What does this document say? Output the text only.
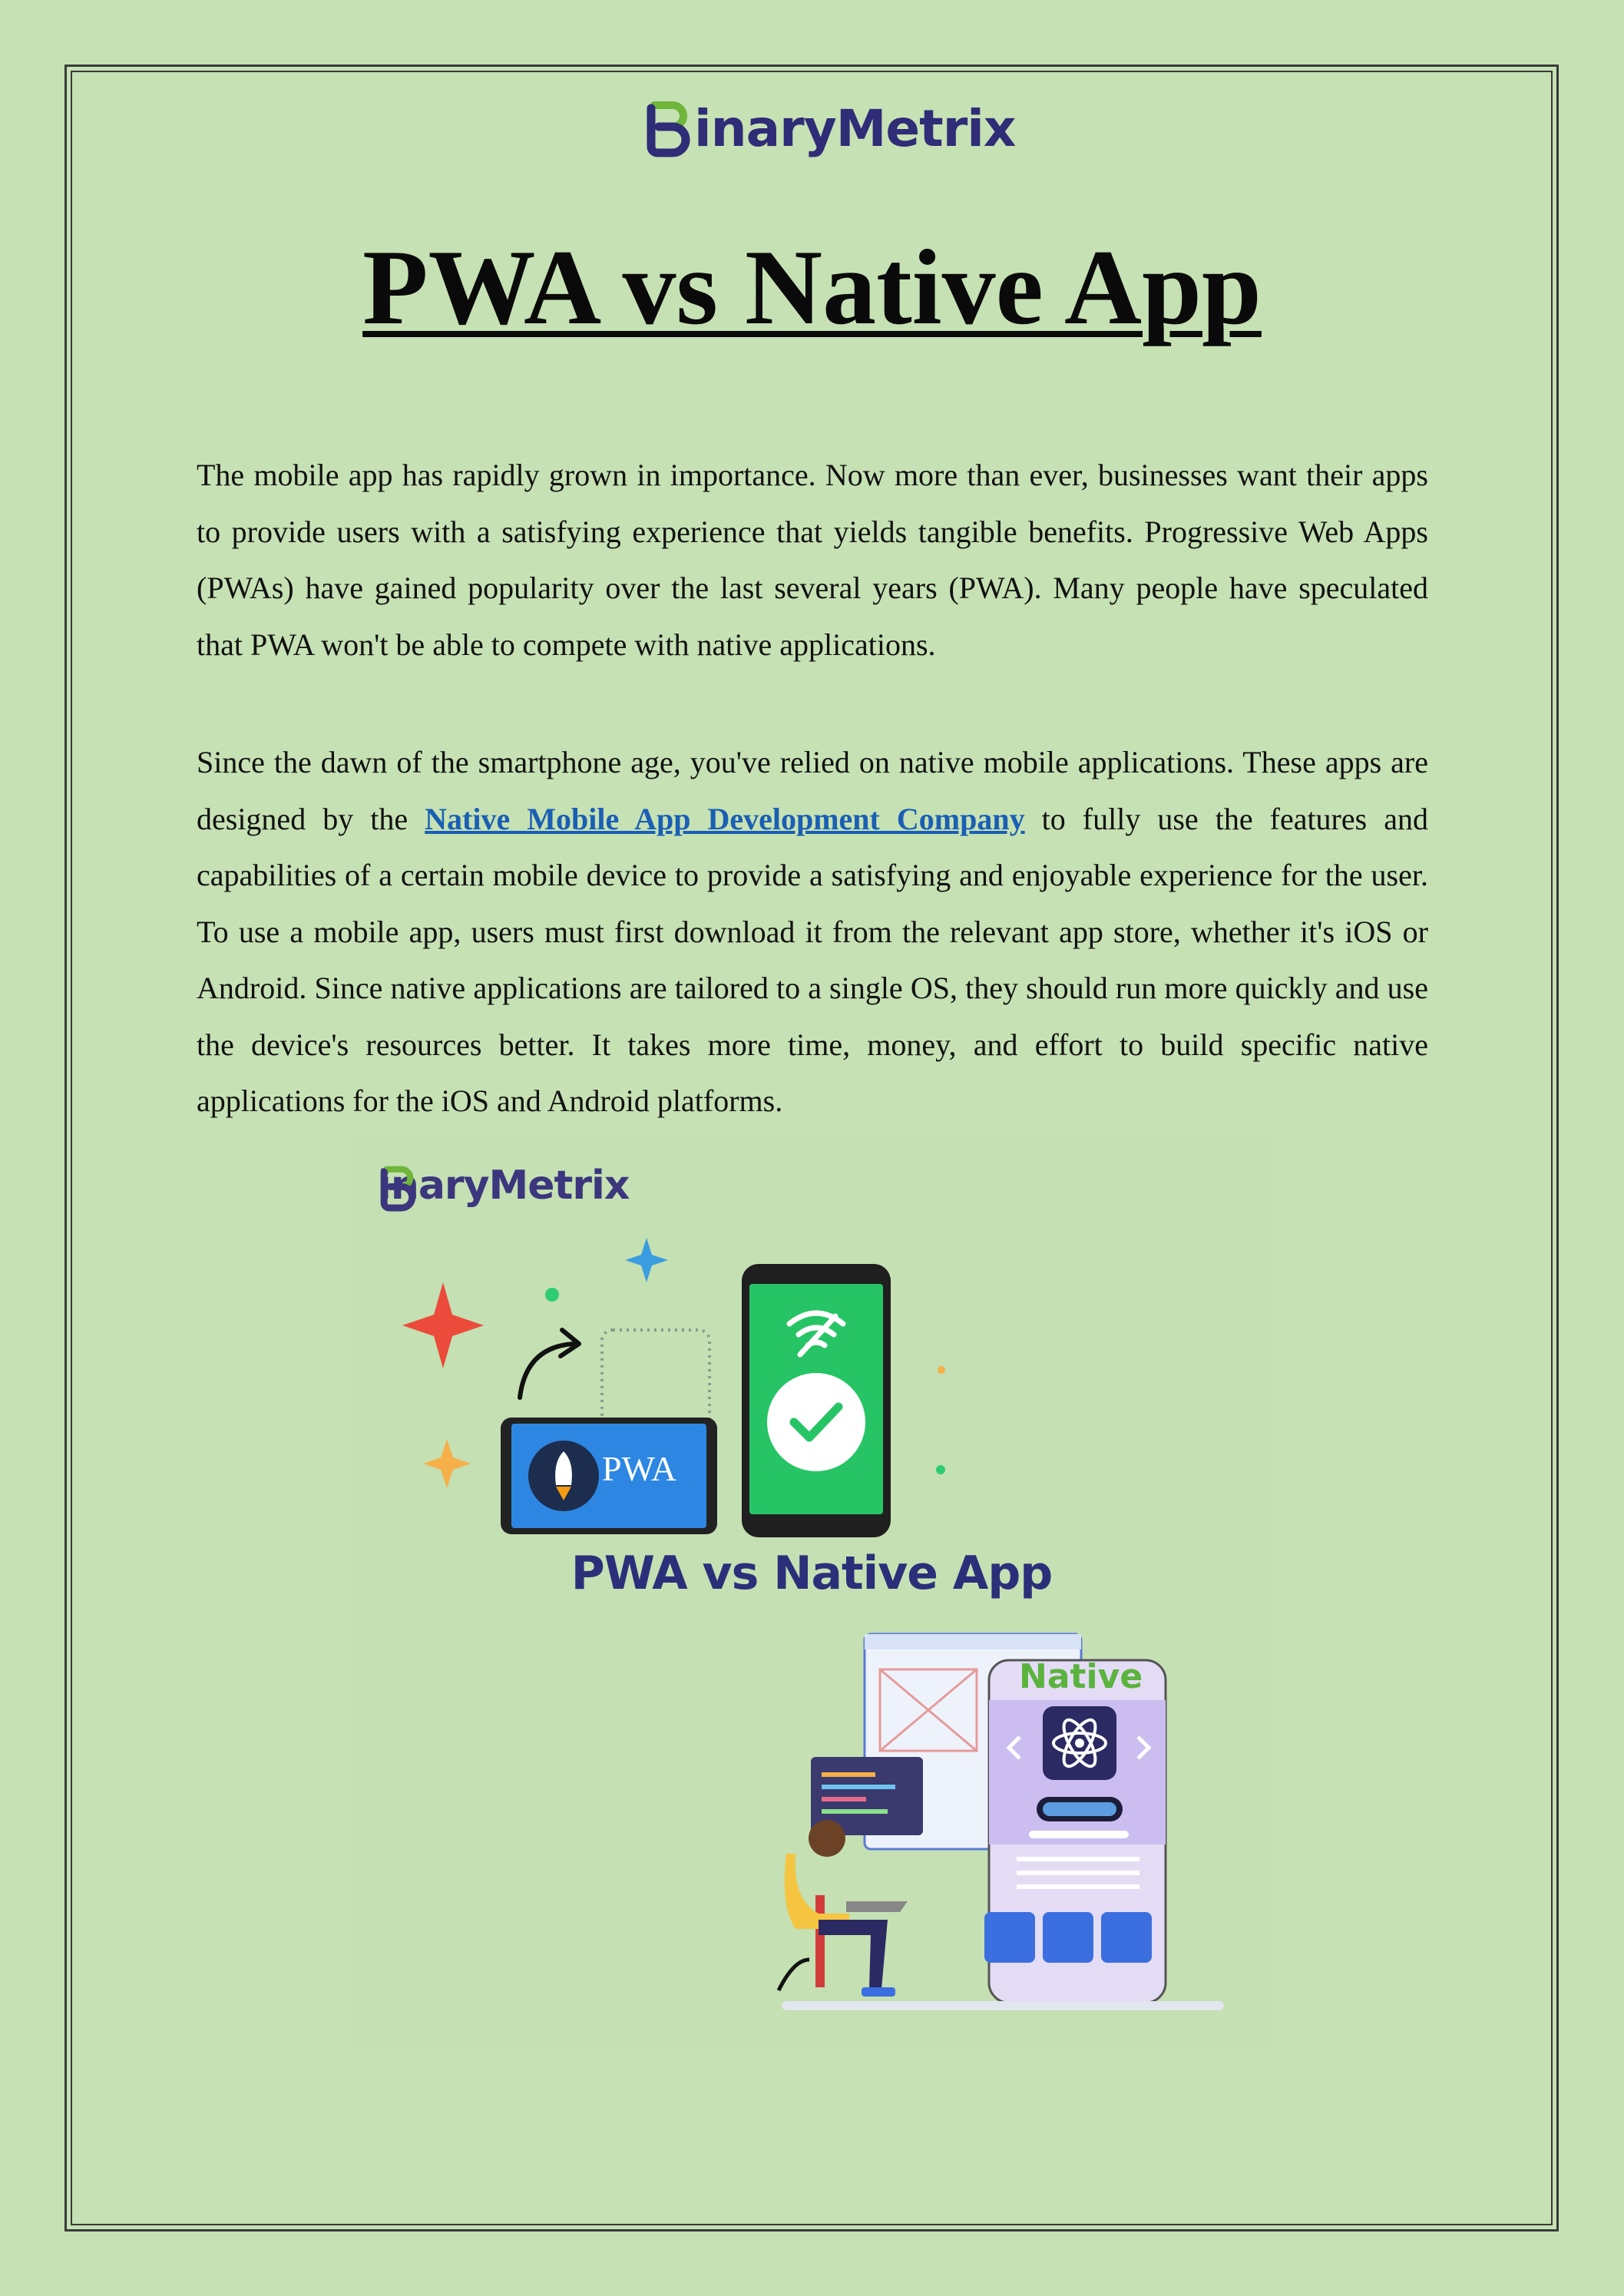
inaryMetrix
PWA vs Native App

The mobile app has rapidly grown in importance. Now more than ever, businesses want their apps to provide users with a satisfying experience that yields tangible benefits. Progressive Web Apps (PWAs) have gained popularity over the last several years (PWA). Many people have speculated that PWA won't be able to compete with native applications.

Since the dawn of the smartphone age, you've relied on native mobile applications. These apps are designed by the Native Mobile App Development Company to fully use the features and capabilities of a certain mobile device to provide a satisfying and enjoyable experience for the user. To use a mobile app, users must first download it from the relevant app store, whether it's iOS or Android. Since native applications are tailored to a single OS, they should run more quickly and use the device's resources better. It takes more time, money, and effort to build specific native applications for the iOS and Android platforms.

inaryMetrix
PWA
PWA vs Native App
Native
